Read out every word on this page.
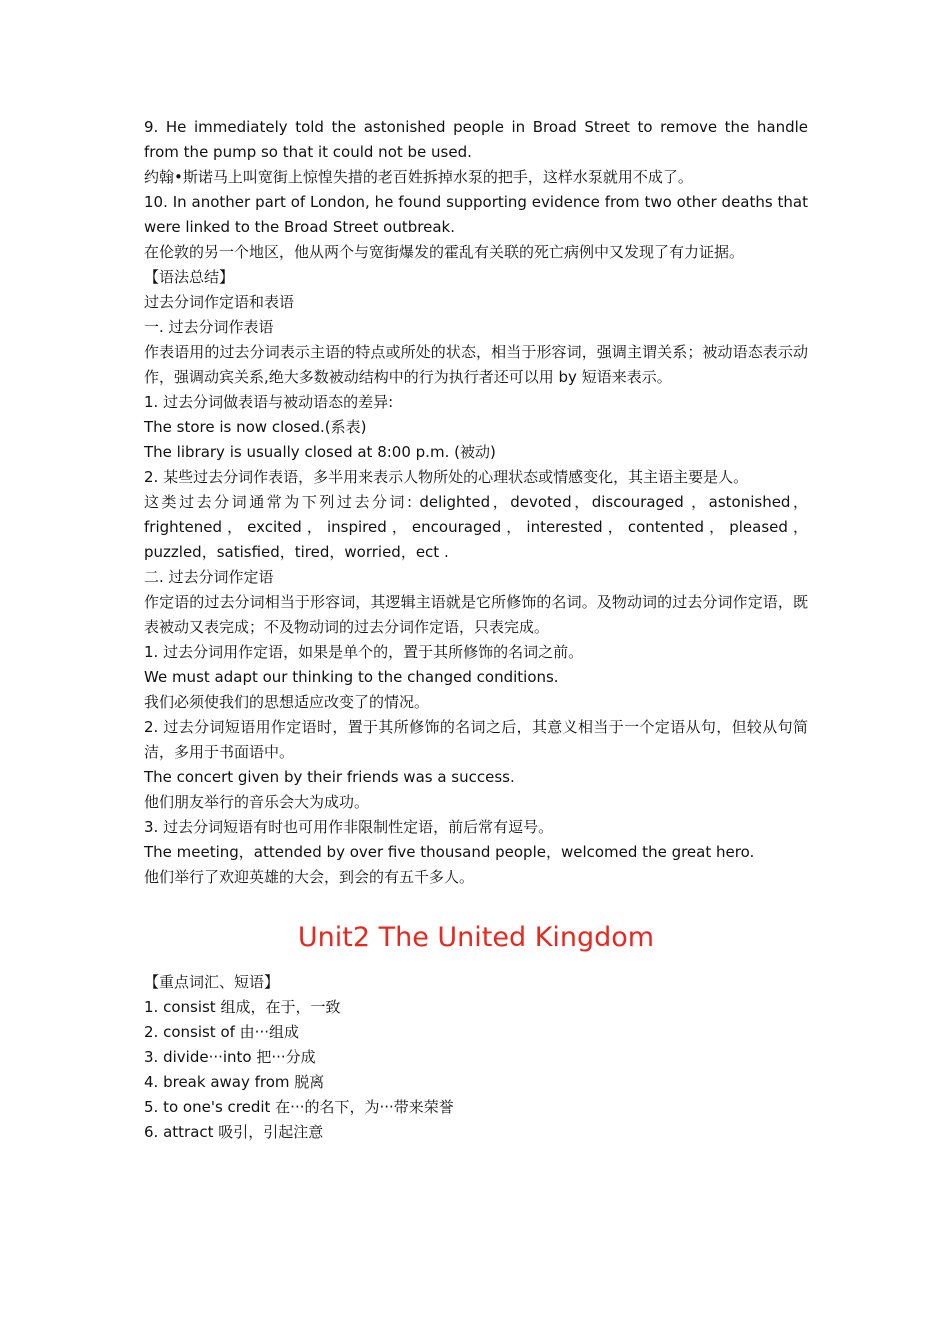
9. He immediately told the astonished people in Broad Street to remove the handle from the pump so that it could not be used.
约翰•斯诺马上叫宽街上惊惶失措的老百姓拆掉水泵的把手，这样水泵就用不成了。
10. In another part of London, he found supporting evidence from two other deaths that were linked to the Broad Street outbreak.
在伦敦的另一个地区，他从两个与宽街爆发的霍乱有关联的死亡病例中又发现了有力证据。
【语法总结】
过去分词作定语和表语
一. 过去分词作表语
作表语用的过去分词表示主语的特点或所处的状态，相当于形容词，强调主谓关系；被动语态表示动作，强调动宾关系,绝大多数被动结构中的行为执行者还可以用 by 短语来表示。
1. 过去分词做表语与被动语态的差异:
The store is now closed.(系表)
The library is usually closed at 8:00 p.m. (被动)
2. 某些过去分词作表语，多半用来表示人物所处的心理状态或情感变化，其主语主要是人。
这类过去分词通常为下列过去分词: delighted，devoted，discouraged ，astonished，frightened，excited，inspired，encouraged，interested，contented，pleased，puzzled，satisfied，tired，worried，ect .
二. 过去分词作定语
作定语的过去分词相当于形容词，其逻辑主语就是它所修饰的名词。及物动词的过去分词作定语，既表被动又表完成；不及物动词的过去分词作定语，只表完成。
1. 过去分词用作定语，如果是单个的，置于其所修饰的名词之前。
We must adapt our thinking to the changed conditions.
我们必须使我们的思想适应改变了的情况。
2. 过去分词短语用作定语时，置于其所修饰的名词之后，其意义相当于一个定语从句，但较从句简洁，多用于书面语中。
The concert given by their friends was a success.
他们朋友举行的音乐会大为成功。
3. 过去分词短语有时也可用作非限制性定语，前后常有逗号。
The meeting，attended by over five thousand people，welcomed the great hero.
他们举行了欢迎英雄的大会，到会的有五千多人。
Unit2 The United Kingdom
【重点词汇、短语】
1. consist 组成，在于，一致
2. consist of 由···组成
3. divide···into 把···分成
4. break away from 脱离
5. to one's credit 在···的名下，为···带来荣誉
6. attract 吸引，引起注意
